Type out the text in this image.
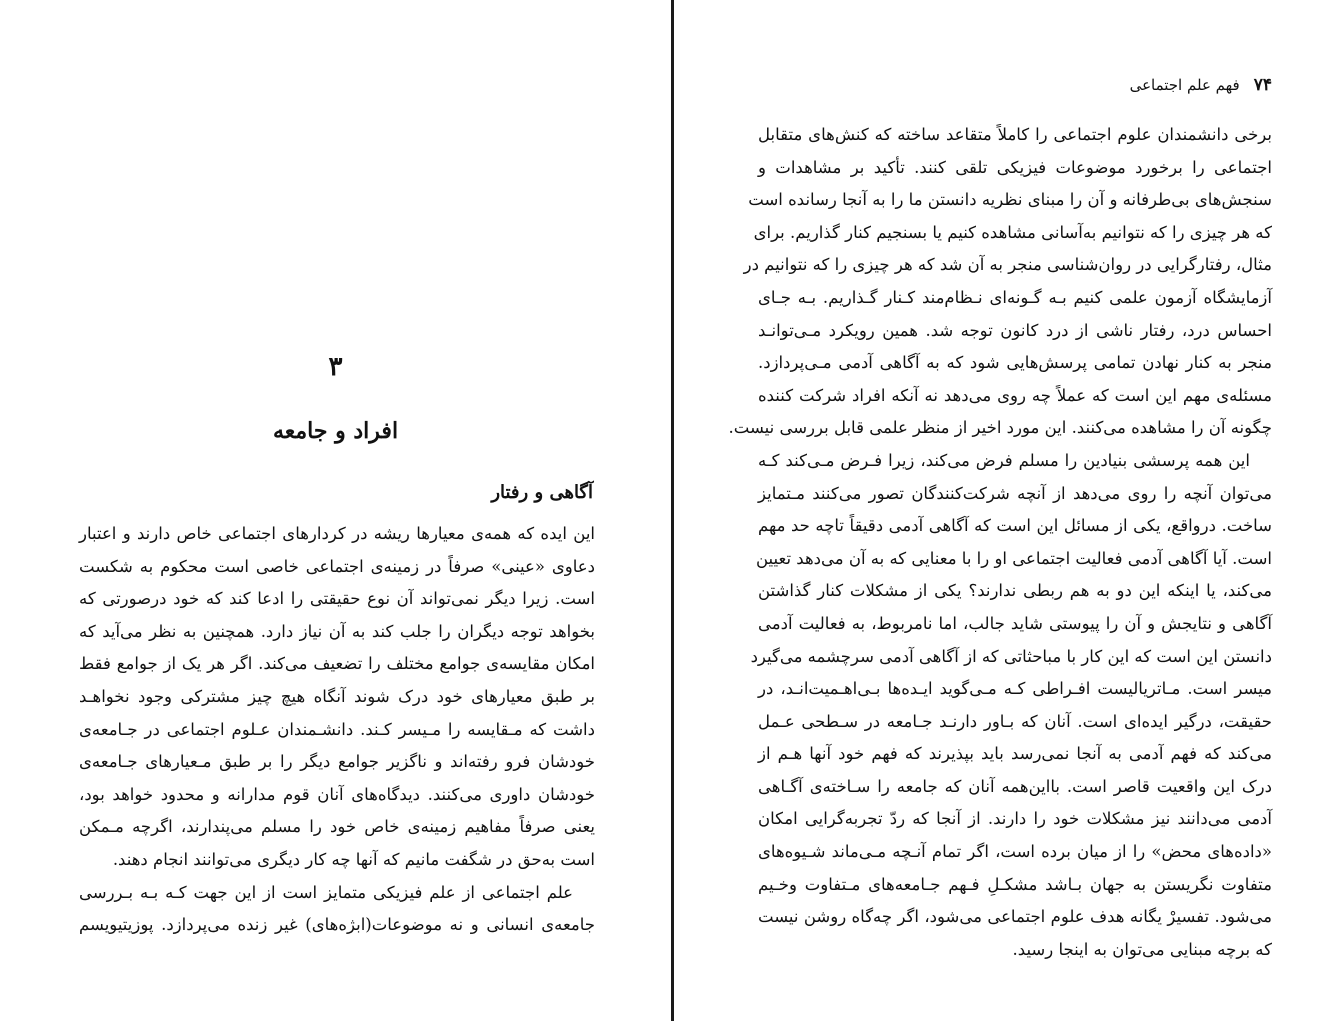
۳
افراد و جامعه
آگاهی و رفتار
این ایده که همه‌ی معیارها ریشه در کردارهای اجتماعی خاص دارند و اعتبار
دعاوی «عینی» صرفاً در زمینه‌ی اجتماعی خاصی است محکوم به شکست
است. زیرا دیگر نمی‌تواند آن نوع حقیقتی را ادعا کند که خود درصورتی که
بخواهد توجه دیگران را جلب کند به آن نیاز دارد. همچنین به نظر می‌آید که
امکان مقایسه‌ی جوامع مختلف را تضعیف می‌کند. اگر هر یک از جوامع فقط
بر طبق معیارهای خود درک شوند آنگاه هیچ چیز مشترکی وجود نخواهـد
داشت که مـقایسه را مـیسر کـند. دانشـمندان عـلوم اجتماعی در جـامعه‌ی
خودشان فرو رفته‌اند و ناگزیر جوامع دیگر را بر طبق مـعیارهای جـامعه‌ی
خودشان داوری می‌کنند. دیدگاه‌های آنان قوم مدارانه و محدود خواهد بود،
یعنی صرفاً مفاهیم زمینه‌ی خاص خود را مسلم می‌پندارند، اگرچه مـمکن
است به‌حق در شگفت مانیم که آنها چه کار دیگری می‌توانند انجام دهند.
علم اجتماعی از علم فیزیکی متمایز است از این جهت کـه بـه بـررسی
جامعه‌ی انسانی و نه موضوعات(ابژه‌های) غیر زنده می‌پردازد. پوزیتیویسم
۷۴فهم علم اجتماعی
برخی دانشمندان علوم اجتماعی را کاملاً متقاعد ساخته که کنش‌های متقابل
اجتماعی را برخورد موضوعات فیزیکی تلقی کنند. تأکید بر مشاهدات و
سنجش‌های بی‌طرفانه و آن را مبنای نظریه دانستن ما را به آنجا رسانده است
که هر چیزی را که نتوانیم به‌آسانی مشاهده کنیم یا بسنجیم کنار گذاریم. برای
مثال، رفتارگرایی در روان‌شناسی منجر به آن شد که هر چیزی را که نتوانیم در
آزمایشگاه آزمون علمی کنیم بـه گـونه‌ای نـظام‌مند کـنار گـذاریم. بـه جـای
احساس درد، رفتار ناشی از درد کانون توجه شد. همین رویکرد مـی‌توانـد
منجر به کنار نهادن تمامی پرسش‌هایی شود که به آگاهی آدمی مـی‌پردازد.
مسئله‌ی مهم این است که عملاً چه روی می‌دهد نه آنکه افراد شرکت کننده
چگونه آن را مشاهده می‌کنند. این مورد اخیر از منظر علمی قابل بررسی نیست.
این همه پرسشی بنیادین را مسلم فرض می‌کند، زیرا فـرض مـی‌کند کـه
می‌توان آنچه را روی می‌دهد از آنچه شرکت‌کنندگان تصور می‌کنند مـتمایز
ساخت. درواقع، یکی از مسائل این است که آگاهی آدمی دقیقاً تاچه حد مهم
است. آیا آگاهی آدمی فعالیت اجتماعی او را با معنایی که به آن می‌دهد تعیین
می‌کند، یا اینکه این دو به هم ربطی ندارند؟ یکی از مشکلات کنار گذاشتن
آگاهی و نتایجش و آن را پیوستی شاید جالب، اما نامربوط، به فعالیت آدمی
دانستن این است که این کار با مباحثاتی که از آگاهی آدمی سرچشمه می‌گیرد
میسر است. مـاتریالیست افـراطی کـه مـی‌گوید ایـده‌ها بـی‌اهـمیت‌انـد، در
حقیقت، درگیر ایده‌ای است. آنان که بـاور دارنـد جـامعه در سـطحی عـمل
می‌کند که فهم آدمی به آنجا نمی‌رسد باید بپذیرند که فهم خود آنها هـم از
درک این واقعیت قاصر است. بااین‌همه آنان که جامعه را سـاخته‌ی آگـاهی
آدمی می‌دانند نیز مشکلات خود را دارند. از آنجا که ردّ تجربه‌گرایی امکان
«داده‌های محض» را از میان برده است، اگر تمام آنـچه مـی‌ماند شـیوه‌های
متفاوت نگریستن به جهان بـاشد مشکـلِ فـهم جـامعه‌های مـتفاوت وخـیم
می‌شود. تفسیرْ یگانه هدف علوم اجتماعی می‌شود، اگر چه‌گاه روشن نیست
که برچه مبنایی می‌توان به اینجا رسید.
